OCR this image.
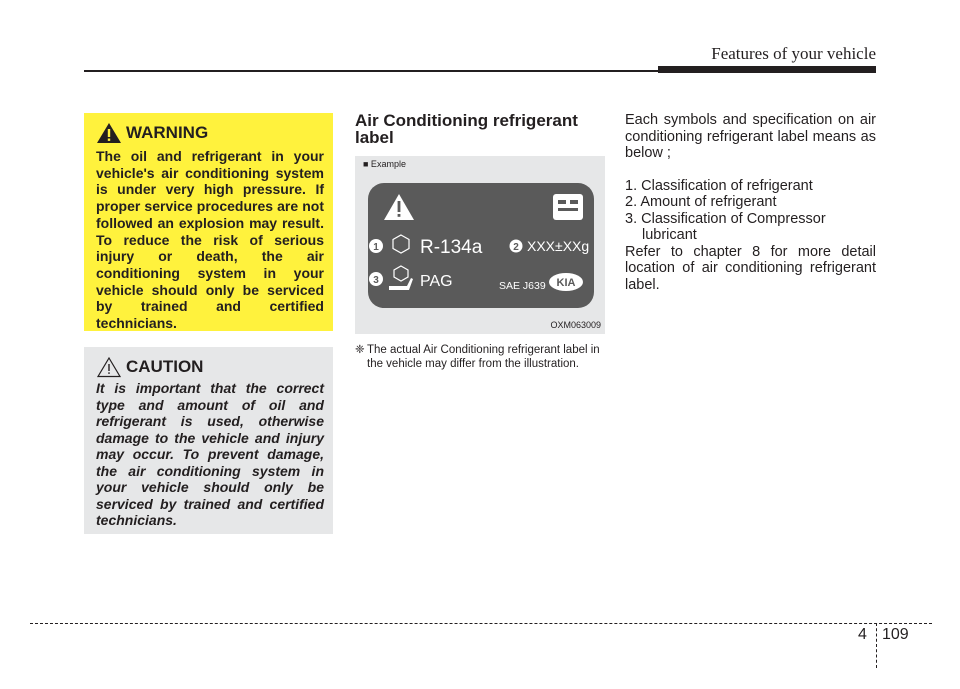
Features of your vehicle
WARNING
The oil and refrigerant in your vehicle's air conditioning system is under very high pressure. If proper service procedures are not followed an explosion may result. To reduce the risk of serious injury or death, the air conditioning system in your vehicle should only be serviced by trained and certified technicians.
CAUTION
It is important that the correct type and amount of oil and refrigerant is used, otherwise damage to the vehicle and injury may occur. To prevent damage, the air conditioning system in your vehicle should only be serviced by trained and certified technicians.
Air Conditioning refrigerant label
■ Example
1 R-134a	2 XXX±XXg
3	PAG	SAE J639 KIA
OXM063009
❈ The actual Air Conditioning refrigerant label in the vehicle may differ from the illustration.

Each symbols and specification on air conditioning refrigerant label means as below ;

1. Classification of refrigerant

2. Amount of refrigerant

3. Classification of Compressor lubricant

Refer to chapter 8 for more detail location of air conditioning refrigerant label.

4 109
